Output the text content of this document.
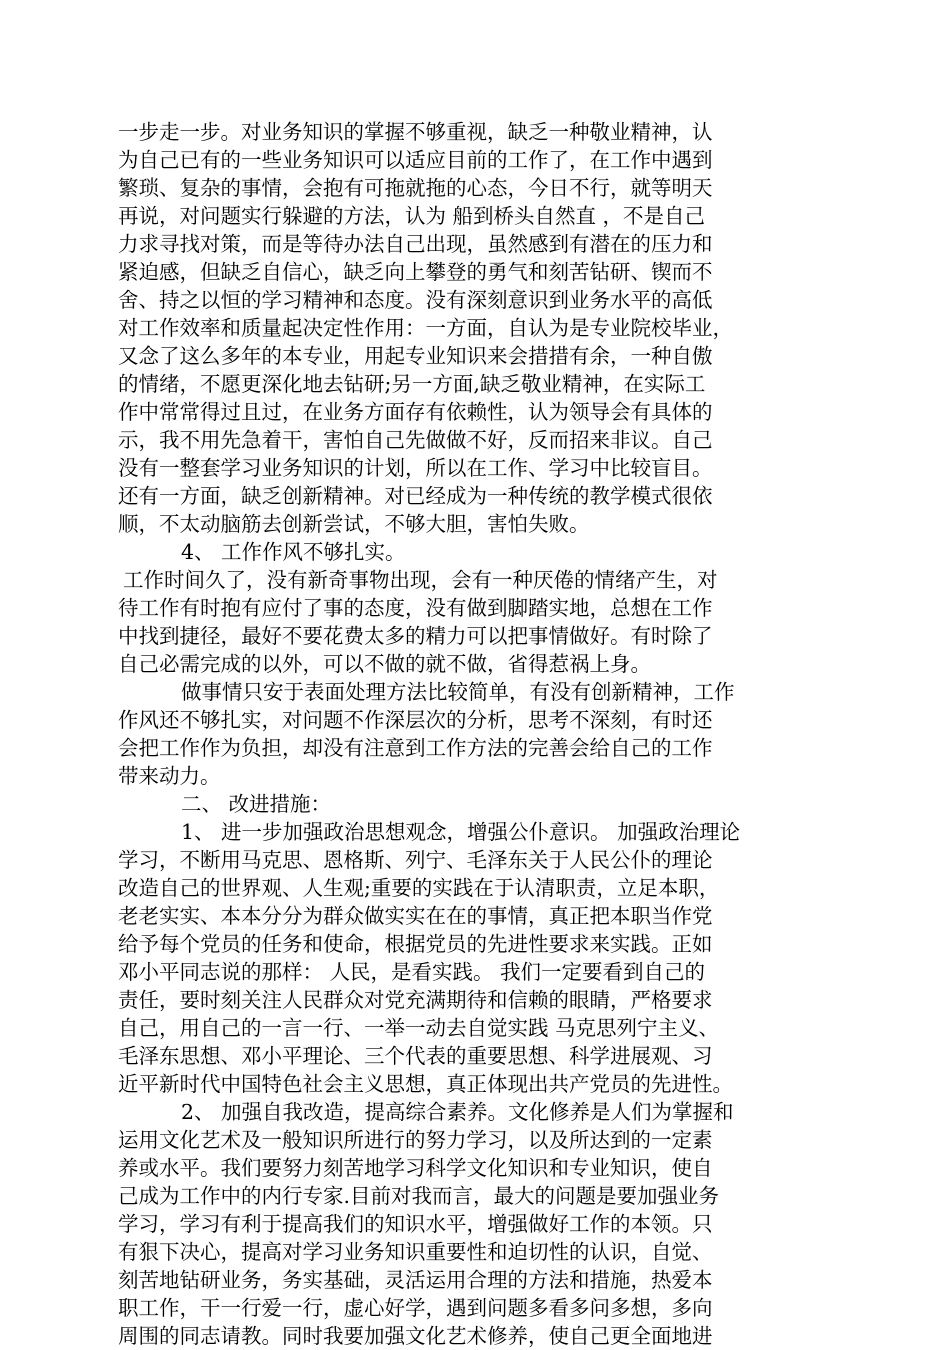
一步走一步。对业务知识的掌握不够重视，缺乏一种敬业精神，认
为自己已有的一些业务知识可以适应目前的工作了，在工作中遇到
繁琐、复杂的事情，会抱有可拖就拖的心态，今日不行，就等明天
再说，对问题实行躲避的方法，认为 船到桥头自然直 ，不是自己
力求寻找对策，而是等待办法自己出现，虽然感到有潜在的压力和
紧迫感，但缺乏自信心，缺乏向上攀登的勇气和刻苦钻研、锲而不
舍、持之以恒的学习精神和态度。没有深刻意识到业务水平的高低
对工作效率和质量起决定性作用：一方面，自认为是专业院校毕业，
又念了这么多年的本专业，用起专业知识来会措措有余，一种自傲
的情绪，不愿更深化地去钻研;另一方面,缺乏敬业精神，在实际工
作中常常得过且过，在业务方面存有依赖性，认为领导会有具体的
示，我不用先急着干，害怕自己先做做不好，反而招来非议。自己
没有一整套学习业务知识的计划，所以在工作、学习中比较盲目。
还有一方面，缺乏创新精神。对已经成为一种传统的教学模式很依
顺，不太动脑筋去创新尝试，不够大胆，害怕失败。
4、 工作作风不够扎实。
工作时间久了，没有新奇事物出现，会有一种厌倦的情绪产生，对
待工作有时抱有应付了事的态度，没有做到脚踏实地，总想在工作
中找到捷径，最好不要花费太多的精力可以把事情做好。有时除了
自己必需完成的以外，可以不做的就不做，省得惹祸上身。
做事情只安于表面处理方法比较简单，有没有创新精神，工作
作风还不够扎实，对问题不作深层次的分析，思考不深刻，有时还
会把工作作为负担，却没有注意到工作方法的完善会给自己的工作
带来动力。
二、 改进措施：
1、 进一步加强政治思想观念，增强公仆意识。 加强政治理论
学习，不断用马克思、恩格斯、列宁、毛泽东关于人民公仆的理论
改造自己的世界观、人生观;重要的实践在于认清职责，立足本职，
老老实实、本本分分为群众做实实在在的事情，真正把本职当作党
给予每个党员的任务和使命，根据党员的先进性要求来实践。正如
邓小平同志说的那样： 人民，是看实践。 我们一定要看到自己的
责任，要时刻关注人民群众对党充满期待和信赖的眼睛，严格要求
自己，用自己的一言一行、一举一动去自觉实践 马克思列宁主义、
毛泽东思想、邓小平理论、三个代表的重要思想、科学进展观、习
近平新时代中国特色社会主义思想，真正体现出共产党员的先进性。
2、 加强自我改造，提高综合素养。文化修养是人们为掌握和
运用文化艺术及一般知识所进行的努力学习，以及所达到的一定素
养或水平。我们要努力刻苦地学习科学文化知识和专业知识，使自
己成为工作中的内行专家.目前对我而言，最大的问题是要加强业务
学习，学习有利于提高我们的知识水平，增强做好工作的本领。只
有狠下决心，提高对学习业务知识重要性和迫切性的认识，自觉、
刻苦地钻研业务，务实基础，灵活运用合理的方法和措施，热爱本
职工作，干一行爱一行，虚心好学，遇到问题多看多问多想，多向
周围的同志请教。同时我要加强文化艺术修养，使自己更全面地进
